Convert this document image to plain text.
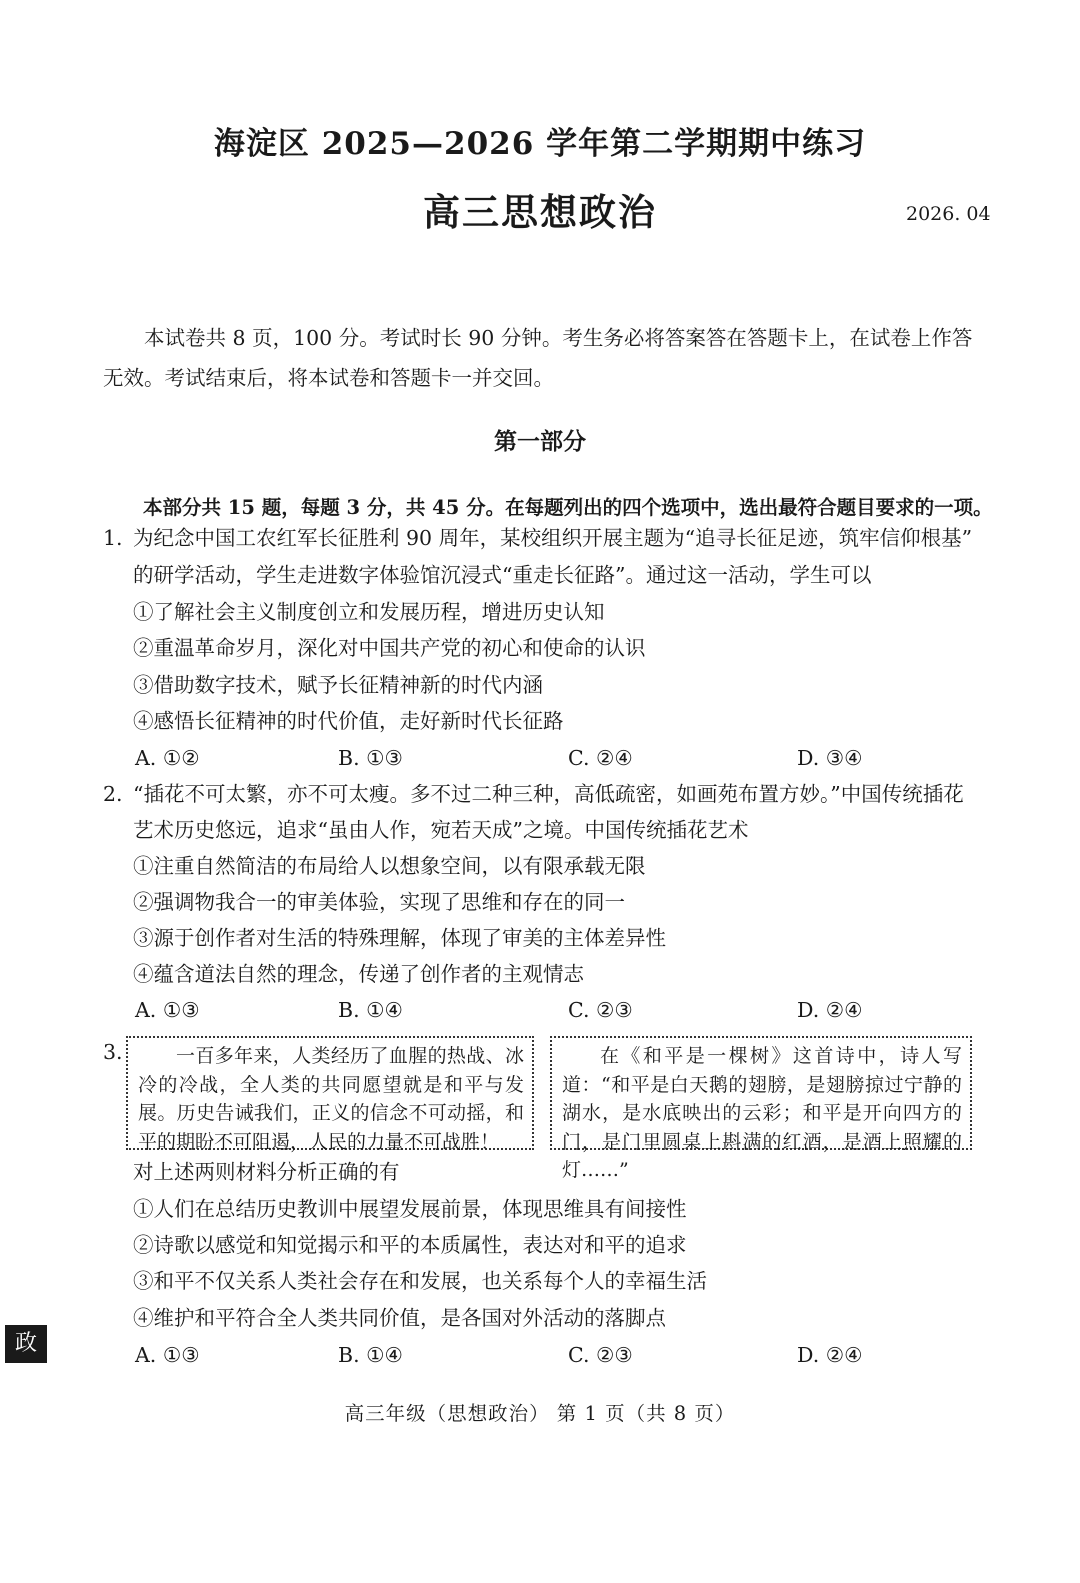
海淀区 2025—2026 学年第二学期期中练习
高三思想政治	2026. 04
本试卷共 8 页，100 分。考试时长 90 分钟。考生务必将答案答在答题卡上，在试卷上作答无效。考试结束后，将本试卷和答题卡一并交回。
第一部分
本部分共 15 题，每题 3 分，共 45 分。在每题列出的四个选项中，选出最符合题目要求的一项。
1. 为纪念中国工农红军长征胜利 90 周年，某校组织开展主题为“追寻长征足迹，筑牢信仰根基”
的研学活动，学生走进数字体验馆沉浸式“重走长征路”。通过这一活动，学生可以
①了解社会主义制度创立和发展历程，增进历史认知
②重温革命岁月，深化对中国共产党的初心和使命的认识
③借助数字技术，赋予长征精神新的时代内涵
④感悟长征精神的时代价值，走好新时代长征路
A. ①②	B. ①③	C. ②④	D. ③④
2. “插花不可太繁，亦不可太瘦。多不过二种三种，高低疏密，如画苑布置方妙。”中国传统插花
艺术历史悠远，追求“虽由人作，宛若天成”之境。中国传统插花艺术
①注重自然简洁的布局给人以想象空间，以有限承载无限
②强调物我合一的审美体验，实现了思维和存在的同一
③源于创作者对生活的特殊理解，体现了审美的主体差异性
④蕴含道法自然的理念，传递了创作者的主观情志
A. ①③	B. ①④	C. ②③	D. ②④
3.	一百多年来，人类经历了血腥的热战、冰冷的冷战，全人类的共同愿望就是和平与发展。历史告诫我们，正义的信念不可动摇，和平的期盼不可阻遏，人民的力量不可战胜！
在《和平是一棵树》这首诗中，诗人写道：“和平是白天鹅的翅膀，是翅膀掠过宁静的湖水，是水底映出的云彩；和平是开向四方的门，是门里圆桌上斟满的红酒，是酒上照耀的灯……”
对上述两则材料分析正确的有
①人们在总结历史教训中展望发展前景，体现思维具有间接性
②诗歌以感觉和知觉揭示和平的本质属性，表达对和平的追求
③和平不仅关系人类社会存在和发展，也关系每个人的幸福生活
④维护和平符合全人类共同价值，是各国对外活动的落脚点
A. ①③	B. ①④	C. ②③	D. ②④
政
高三年级（思想政治） 第 1 页（共 8 页）
